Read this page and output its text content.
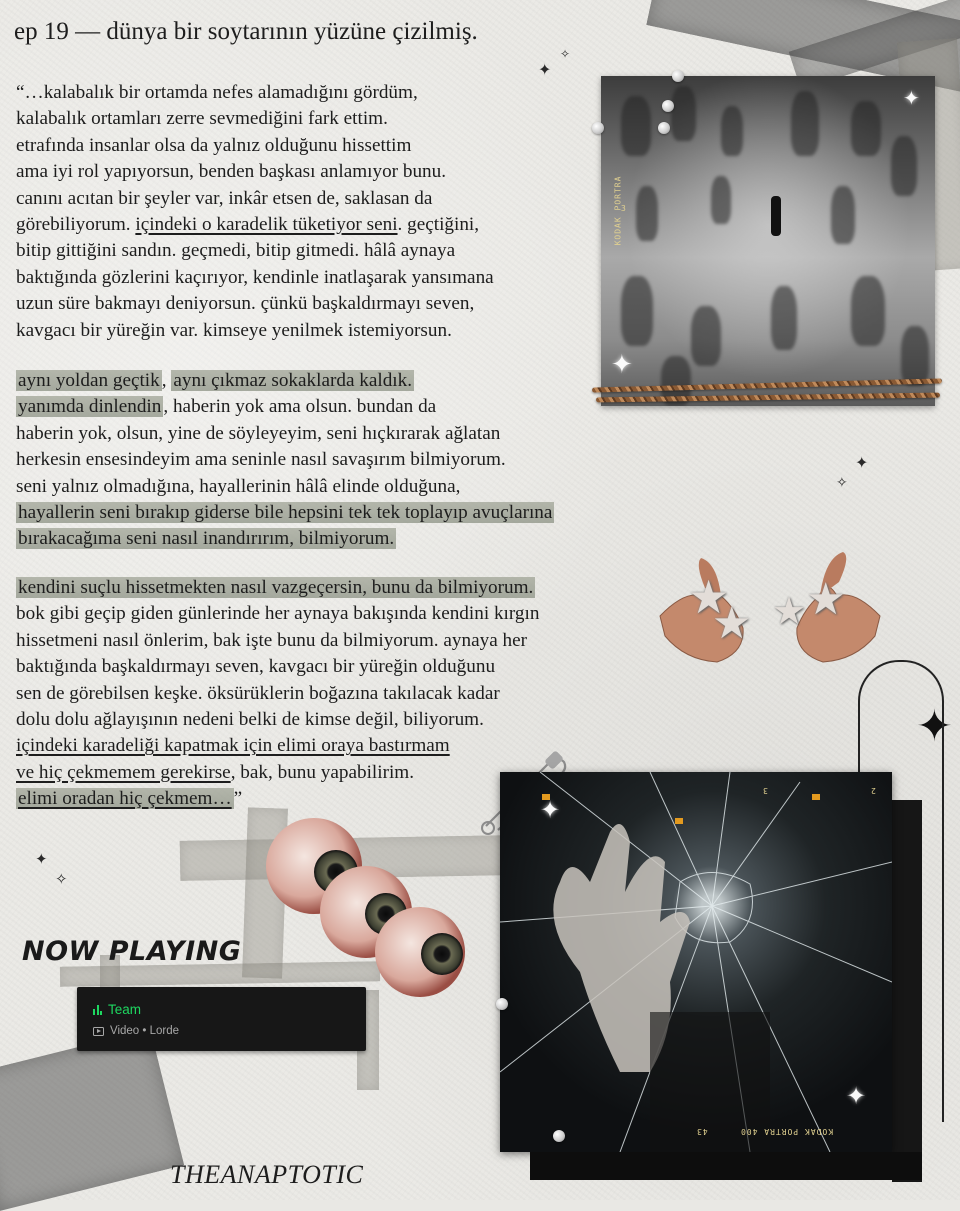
ep 19 — dünya bir soytarının yüzüne çizilmiş.

“…kalabalık bir ortamda nefes alamadığını gördüm,
kalabalık ortamları zerre sevmediğini fark ettim.
etrafında insanlar olsa da yalnız olduğunu hissettim
ama iyi rol yapıyorsun, benden başkası anlamıyor bunu.
canını acıtan bir şeyler var, inkâr etsen de, saklasan da
görebiliyorum. içindeki o karadelik tüketiyor seni. geçtiğini,
bitip gittiğini sandın. geçmedi, bitip gitmedi. hâlâ aynaya
baktığında gözlerini kaçırıyor, kendinle inatlaşarak yansımana
uzun süre bakmayı deniyorsun. çünkü başkaldırmayı seven,
kavgacı bir yüreğin var. kimseye yenilmek istemiyorsun.

aynı yoldan geçtik , aynı çıkmaz sokaklarda kaldık.
yanımda dinlendin , haberin yok ama olsun. bundan da
haberin yok, olsun, yine de söyleyeyim, seni hıçkırarak ağlatan
herkesin ensesindeyim ama seninle nasıl savaşırım bilmiyorum.
seni yalnız olmadığına, hayallerinin hâlâ elinde olduğuna,
hayallerin seni bırakıp giderse bile hepsini tek tek toplayıp avuçlarına
bırakacağıma seni nasıl inandırırım, bilmiyorum.

kendini suçlu hissetmekten nasıl vazgeçersin, bunu da bilmiyorum.
bok gibi geçip giden günlerinde her aynaya bakışında kendini kırgın
hissetmeni nasıl önlerim, bak işte bunu da bilmiyorum. aynaya her
baktığında başkaldırmayı seven, kavgacı bir yüreğin olduğunu
sen de görebilsen keşke. öksürüklerin boğazına takılacak kadar
dolu dolu ağlayışının nedeni belki de kimse değil, biliyorum.
içindeki karadeliği kapatmak için elimi oraya bastırmam
ve hiç çekmemem gerekirse, bak, bunu yapabilirim.
elimi oradan hiç çekmem… ”

✦
✧
✦
✧
✦
✧
✦
KODAK PORTRA
3
✦
✦
★
★ ★ ★
3	2
KODAK PORTRA 400
43
✦
✦
NOW PLAYING
Team
Video • Lorde

THEANAPTOTIC
